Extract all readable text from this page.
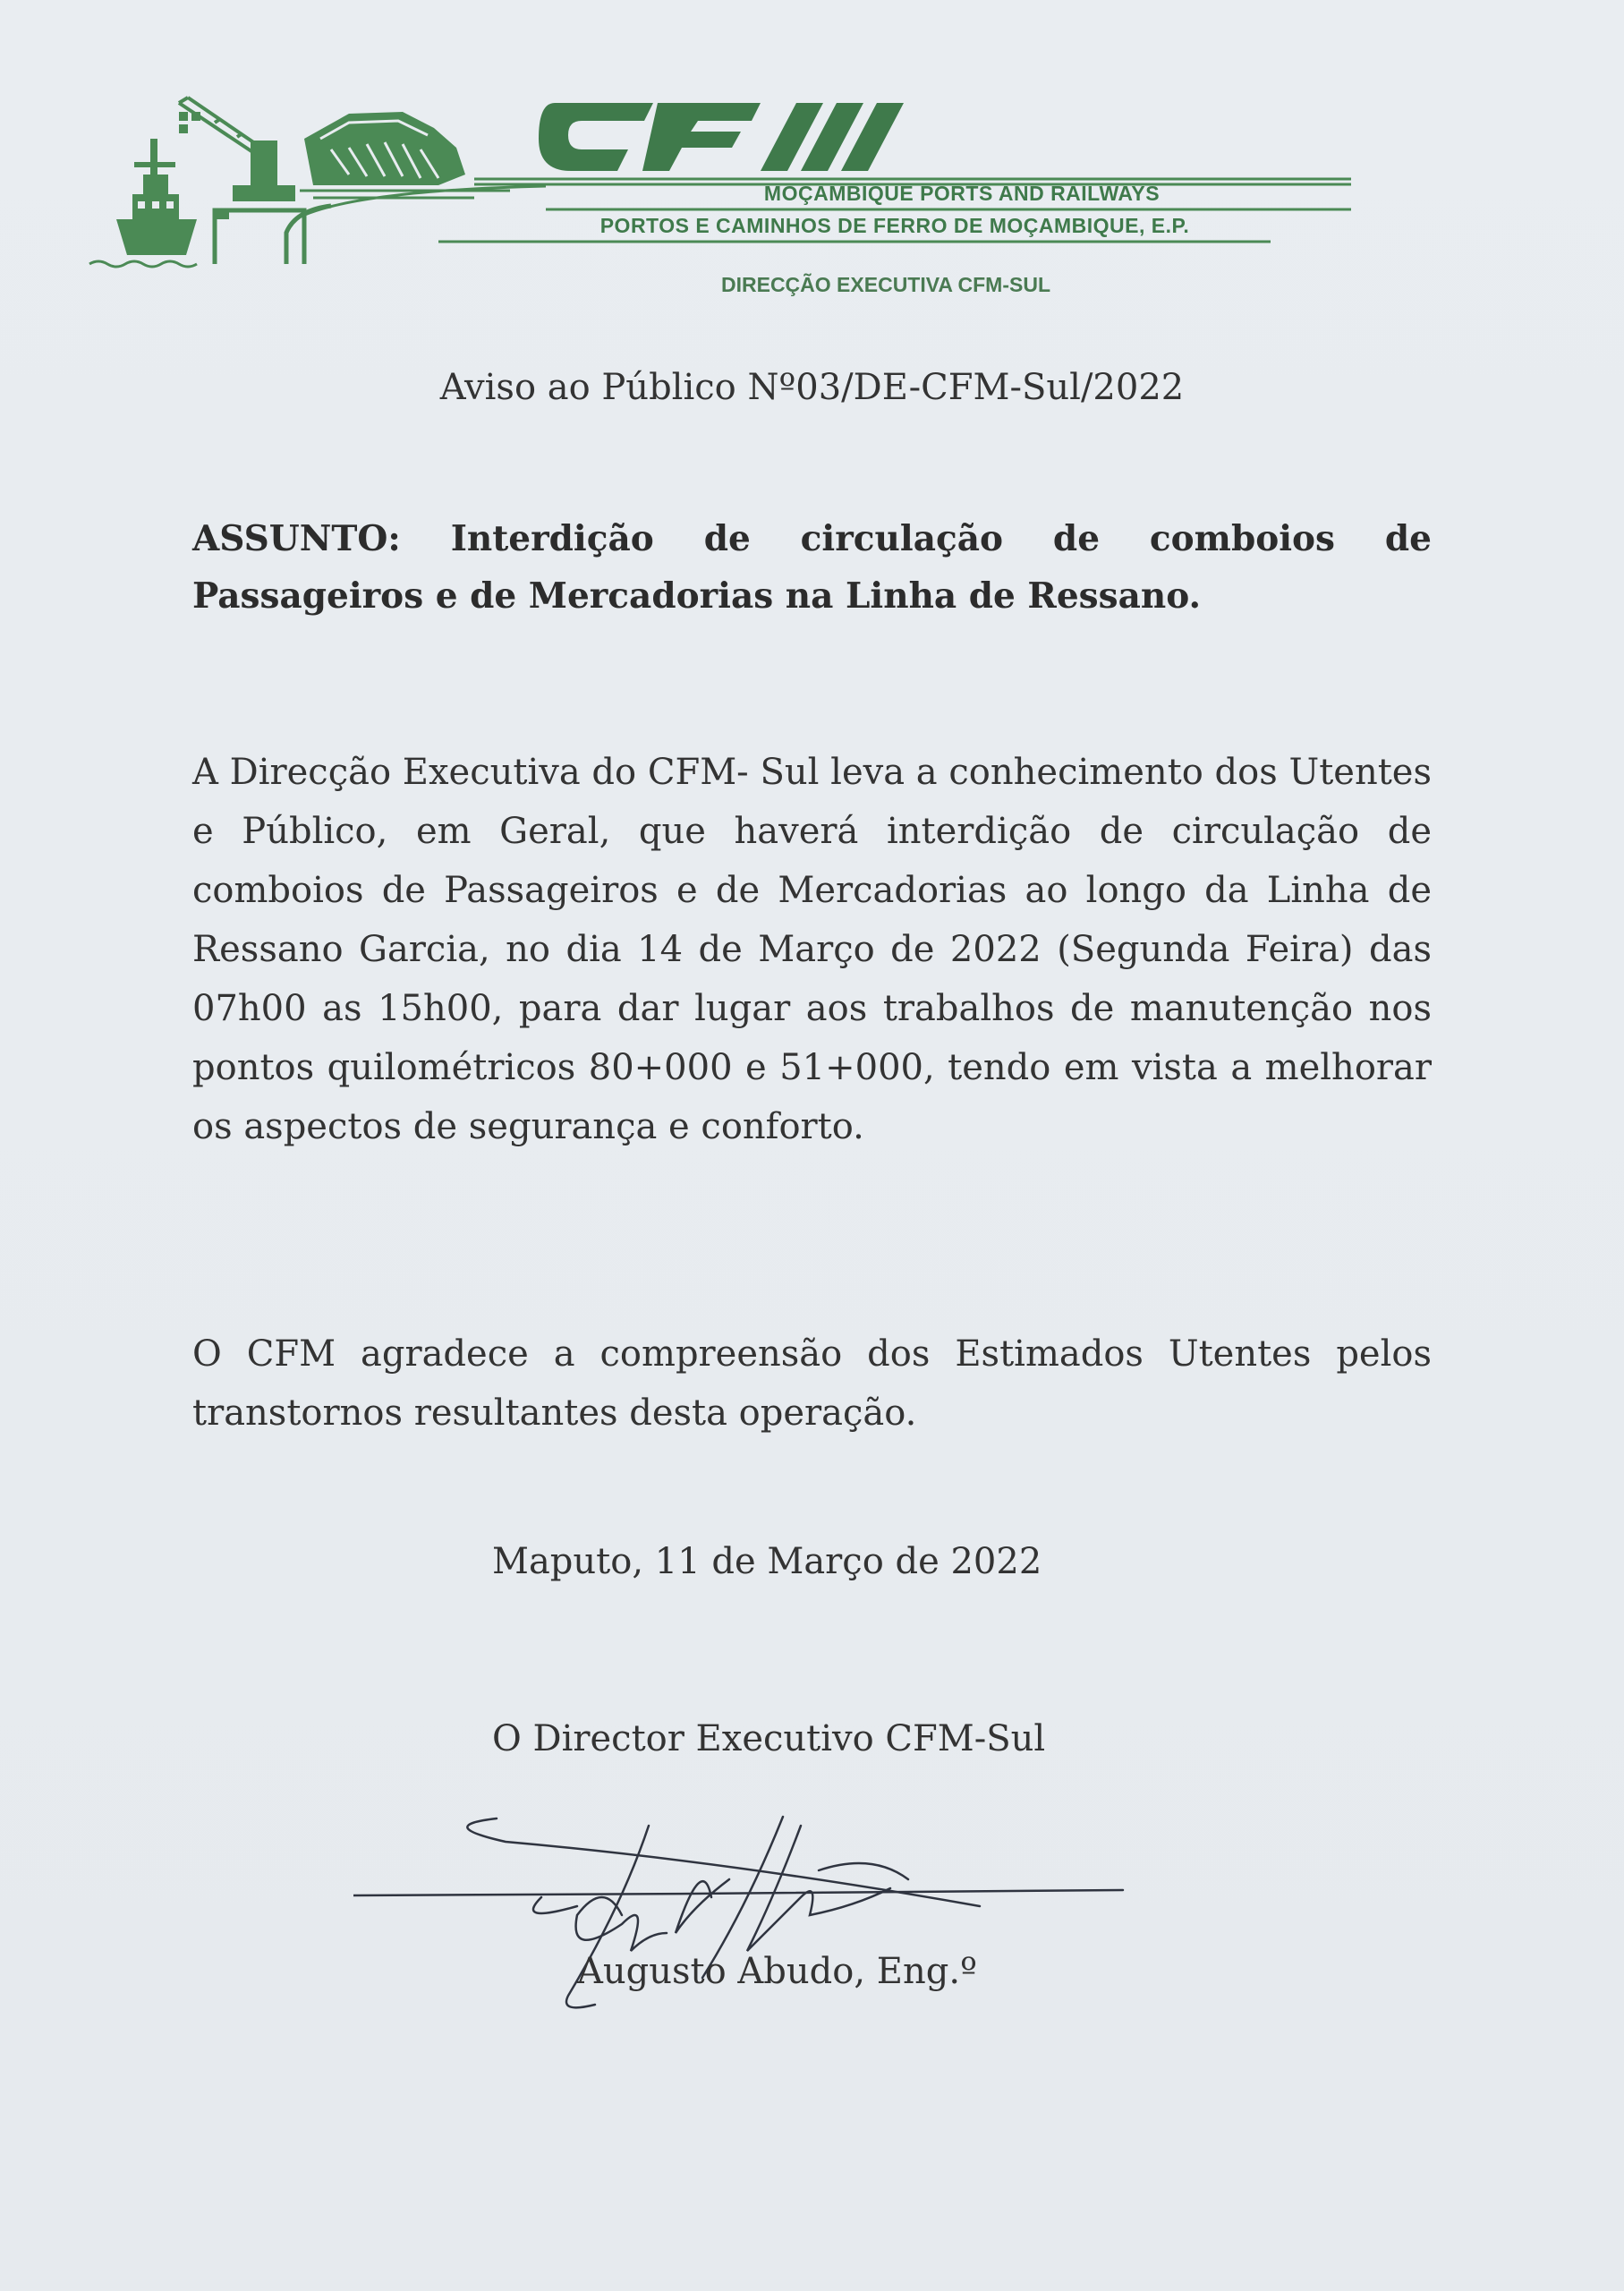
MOÇAMBIQUE PORTS AND RAILWAYS
PORTOS E CAMINHOS DE FERRO DE MOÇAMBIQUE, E.P.
DIRECÇÃO EXECUTIVA CFM-SUL
Aviso ao Público Nº03/DE-CFM-Sul/2022
ASSUNTO: Interdição de circulação de comboios de
Passageiros e de Mercadorias na Linha de Ressano.
A Direcção Executiva do CFM- Sul leva a conhecimento dos Utentes e Público, em Geral, que haverá interdição de circulação de comboios de Passageiros e de Mercadorias ao longo da Linha de Ressano Garcia, no dia 14 de Março de 2022 (Segunda Feira) das 07h00 as 15h00, para dar lugar aos trabalhos de manutenção nos pontos quilométricos 80+000 e 51+000, tendo em vista a melhorar os aspectos de segurança e conforto.
O CFM agradece a compreensão dos Estimados Utentes pelos transtornos resultantes desta operação.
Maputo, 11 de Março de 2022
O Director Executivo CFM-Sul
Augusto Abudo, Eng.º
